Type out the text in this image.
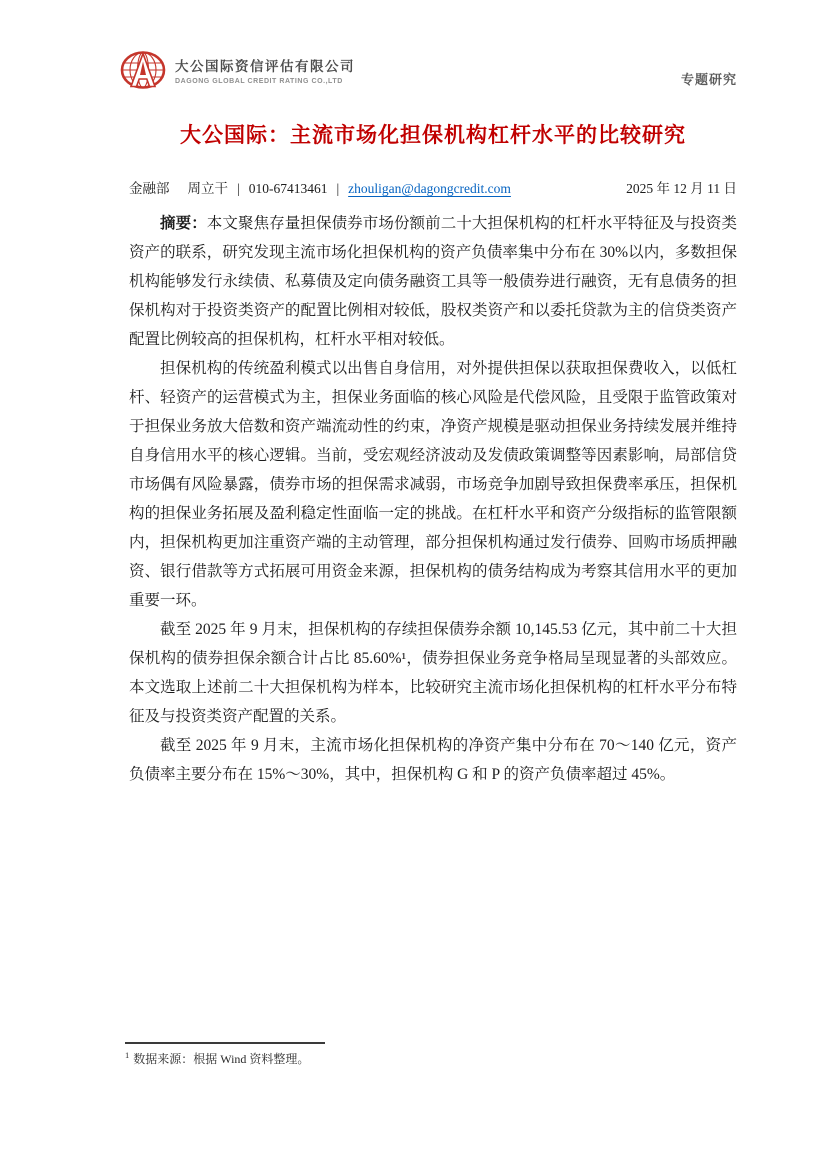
大公国际资信评估有限公司
DAGONG GLOBAL CREDIT RATING CO.,LTD	专题研究
大公国际：主流市场化担保机构杠杆水平的比较研究
金融部 周立干 | 010-67413461 | zhouligan@dagongcredit.com	2025 年 12 月 11 日

摘要：本文聚焦存量担保债券市场份额前二十大担保机构的杠杆水平特征及与投资类资产的联系，研究发现主流市场化担保机构的资产负债率集中分布在 30%以内，多数担保机构能够发行永续债、私募债及定向债务融资工具等一般债券进行融资，无有息债务的担保机构对于投资类资产的配置比例相对较低，股权类资产和以委托贷款为主的信贷类资产配置比例较高的担保机构，杠杆水平相对较低。

担保机构的传统盈利模式以出售自身信用，对外提供担保以获取担保费收入，以低杠杆、轻资产的运营模式为主，担保业务面临的核心风险是代偿风险，且受限于监管政策对于担保业务放大倍数和资产端流动性的约束，净资产规模是驱动担保业务持续发展并维持自身信用水平的核心逻辑。当前，受宏观经济波动及发债政策调整等因素影响，局部信贷市场偶有风险暴露，债券市场的担保需求减弱，市场竞争加剧导致担保费率承压，担保机构的担保业务拓展及盈利稳定性面临一定的挑战。在杠杆水平和资产分级指标的监管限额内，担保机构更加注重资产端的主动管理，部分担保机构通过发行债券、回购市场质押融资、银行借款等方式拓展可用资金来源，担保机构的债务结构成为考察其信用水平的更加重要一环。

截至 2025 年 9 月末，担保机构的存续担保债券余额 10,145.53 亿元，其中前二十大担保机构的债券担保余额合计占比 85.60%¹，债券担保业务竞争格局呈现显著的头部效应。本文选取上述前二十大担保机构为样本，比较研究主流市场化担保机构的杠杆水平分布特征及与投资类资产配置的关系。

截至 2025 年 9 月末，主流市场化担保机构的净资产集中分布在 70～140 亿元，资产负债率主要分布在 15%～30%，其中，担保机构 G 和 P 的资产负债率超过 45%。

$^1$ 数据来源：根据 Wind 资料整理。
